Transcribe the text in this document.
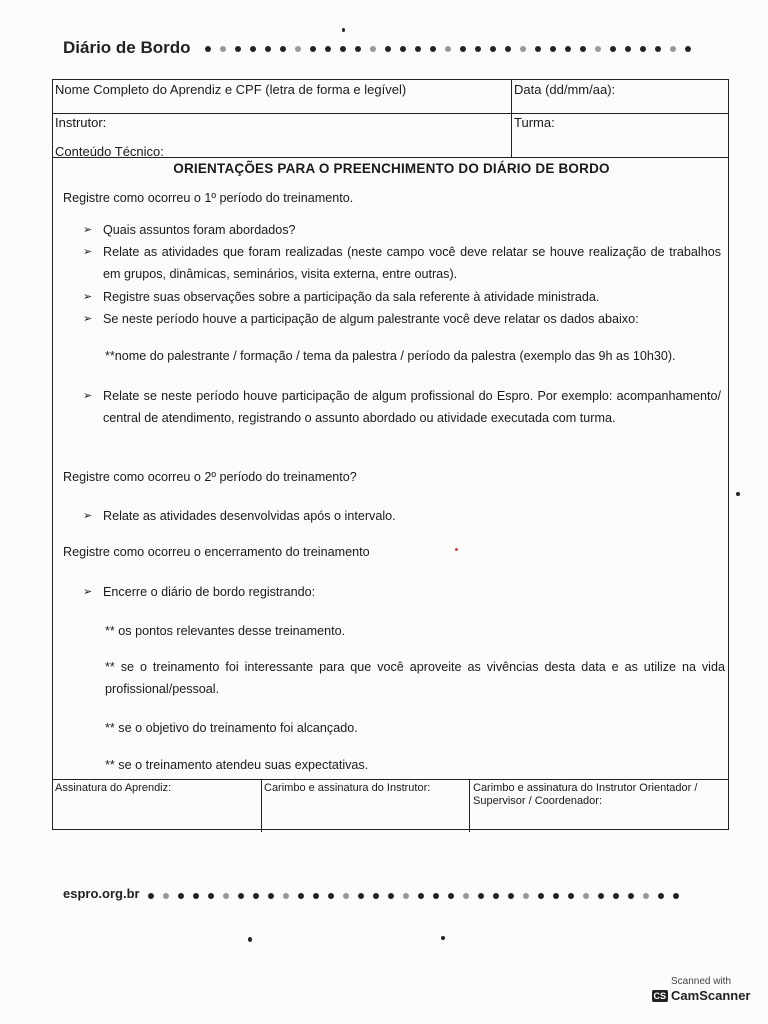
Diário de Bordo
Nome Completo do Aprendiz e CPF (letra de forma e legível)	Data (dd/mm/aa):
Instrutor:	Turma:
Conteúdo Técnico:
ORIENTAÇÕES PARA O PREENCHIMENTO DO DIÁRIO DE BORDO
Registre como ocorreu o 1º período do treinamento.
➢ Quais assuntos foram abordados?
➢ Relate as atividades que foram realizadas (neste campo você deve relatar se houve realização de trabalhos em grupos, dinâmicas, seminários, visita externa, entre outras).
➢ Registre suas observações sobre a participação da sala referente à atividade ministrada.
➢ Se neste período houve a participação de algum palestrante você deve relatar os dados abaixo:
**nome do palestrante / formação / tema da palestra / período da palestra (exemplo das 9h as 10h30).
➢ Relate se neste período houve participação de algum profissional do Espro. Por exemplo: acompanhamento/ central de atendimento, registrando o assunto abordado ou atividade executada com turma.
Registre como ocorreu o 2º período do treinamento?
➢ Relate as atividades desenvolvidas após o intervalo.
Registre como ocorreu o encerramento do treinamento
➢ Encerre o diário de bordo registrando:
** os pontos relevantes desse treinamento.
** se o treinamento foi interessante para que você aproveite as vivências desta data e as utilize na vida profissional/pessoal.
** se o objetivo do treinamento foi alcançado.
** se o treinamento atendeu suas expectativas.
Assinatura do Aprendiz:	Carimbo e assinatura do Instrutor:	Carimbo e assinatura do Instrutor Orientador / Supervisor / Coordenador:
espro.org.br
Scanned with
CS CamScanner
